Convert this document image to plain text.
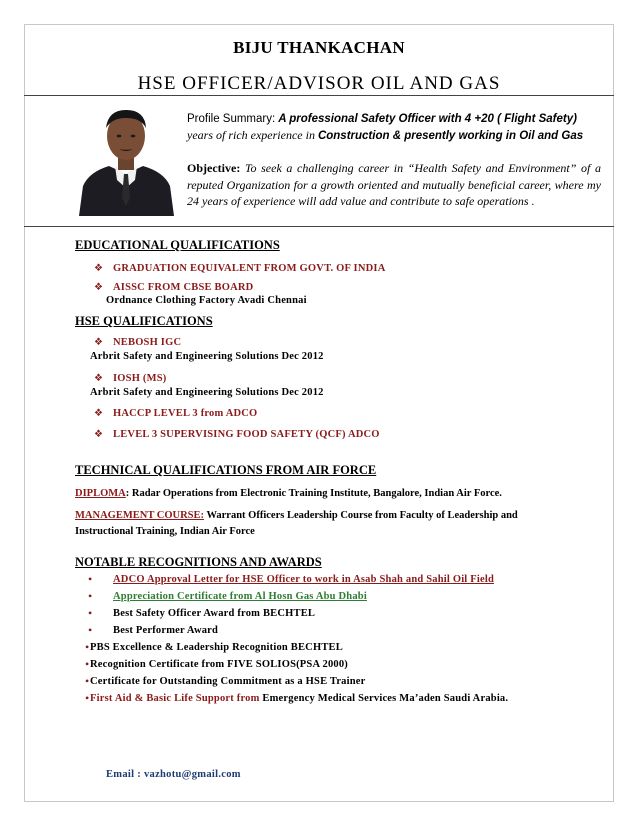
BIJU THANKACHAN
HSE OFFICER/ADVISOR OIL AND GAS
Profile Summary: A professional Safety Officer with 4 +20 ( Flight Safety)
years of rich experience in Construction & presently working in Oil and Gas
Objective: To seek a challenging career in “Health Safety and Environment” of a reputed Organization for a growth oriented and mutually beneficial career, where my 24 years of experience will add value and contribute to safe operations .
EDUCATIONAL QUALIFICATIONS
❖ GRADUATION EQUIVALENT FROM GOVT. OF INDIA
❖ AISSC FROM CBSE BOARD
Ordnance Clothing Factory Avadi Chennai
HSE QUALIFICATIONS
❖ NEBOSH IGC
Arbrit Safety and Engineering Solutions Dec 2012
❖ IOSH (MS)
Arbrit Safety and Engineering Solutions Dec 2012
❖ HACCP LEVEL 3 from ADCO
❖ LEVEL 3 SUPERVISING FOOD SAFETY (QCF) ADCO
TECHNICAL QUALIFICATIONS FROM AIR FORCE
DIPLOMA: Radar Operations from Electronic Training Institute, Bangalore, Indian Air Force.
MANAGEMENT COURSE: Warrant Officers Leadership Course from Faculty of Leadership and Instructional Training, Indian Air Force
NOTABLE RECOGNITIONS AND AWARDS
• ADCO Approval Letter for HSE Officer to work in Asab Shah and Sahil Oil Field
• Appreciation Certificate from Al Hosn Gas Abu Dhabi
• Best Safety Officer Award from BECHTEL
• Best Performer Award
• PBS Excellence & Leadership Recognition BECHTEL
• Recognition Certificate from FIVE SOLIOS(PSA 2000)
• Certificate for Outstanding Commitment as a HSE Trainer
• First Aid & Basic Life Support from Emergency Medical Services Ma’aden Saudi Arabia.
Email : vazhotu@gmail.com
